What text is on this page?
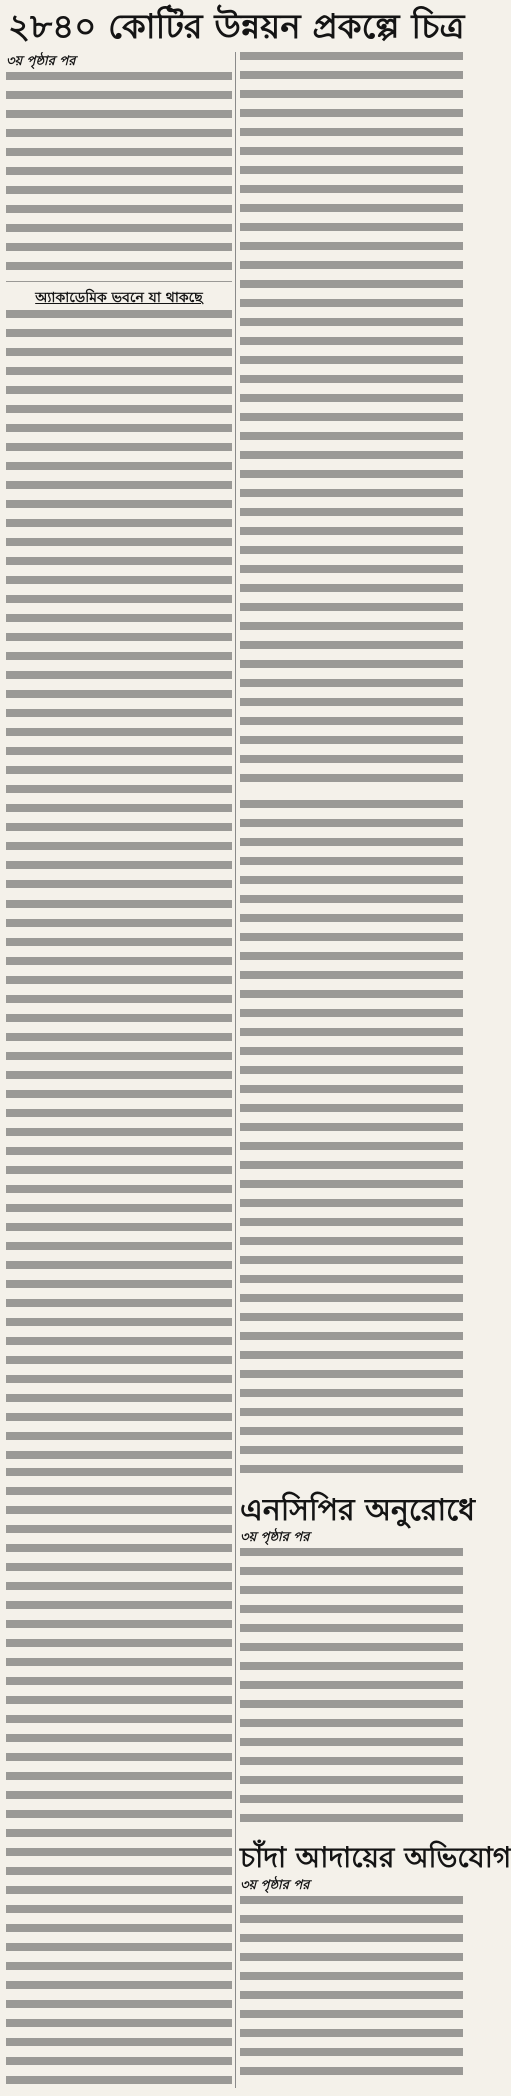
২৮৪০ কোটির উন্নয়ন প্রকল্পে চিত্র
৩য় পৃষ্ঠার পর
অ্যাকাডেমিক ভবনে যা থাকছে
এনসিপির অনুরোধে
৩য় পৃষ্ঠার পর
চাঁদা আদায়ের অভিযোগ
৩য় পৃষ্ঠার পর
